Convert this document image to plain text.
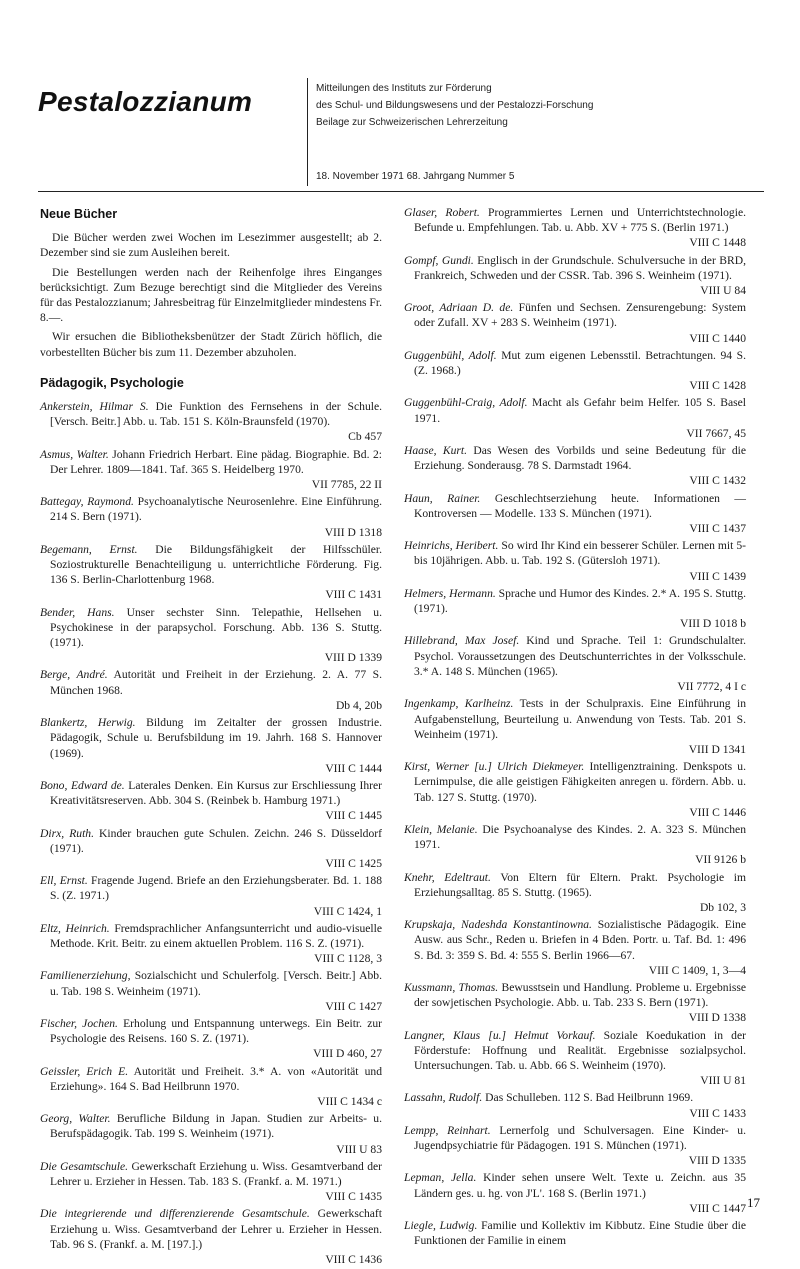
Pestalozzianum	Mitteilungen des Instituts zur Förderung
des Schul- und Bildungswesens und der Pestalozzi-Forschung
Beilage zur Schweizerischen Lehrerzeitung
18. November 1971 68. Jahrgang Nummer 5
Neue Bücher

Die Bücher werden zwei Wochen im Lesezimmer ausgestellt; ab 2. Dezember sind sie zum Ausleihen bereit.

Die Bestellungen werden nach der Reihenfolge ihres Einganges berücksichtigt. Zum Bezuge berechtigt sind die Mitglieder des Vereins für das Pestalozzianum; Jahresbeitrag für Einzelmitglieder mindestens Fr. 8.—.

Wir ersuchen die Bibliotheksbenützer der Stadt Zürich höflich, die vorbestellten Bücher bis zum 11. Dezember abzuholen.

Pädagogik, Psychologie

Ankerstein, Hilmar S. Die Funktion des Fernsehens in der Schule. [Versch. Beitr.] Abb. u. Tab. 151 S. Köln-Braunsfeld (1970).
Cb 457

Asmus, Walter. Johann Friedrich Herbart. Eine pädag. Biographie. Bd. 2: Der Lehrer. 1809—1841. Taf. 365 S. Heidelberg 1970.
VII 7785, 22 II

Battegay, Raymond. Psychoanalytische Neurosenlehre. Eine Einführung. 214 S. Bern (1971).
VIII D 1318

Begemann, Ernst. Die Bildungsfähigkeit der Hilfsschüler. Soziostrukturelle Benachteiligung u. unterrichtliche Förderung. Fig. 136 S. Berlin-Charlottenburg 1968.
VIII C 1431

Bender, Hans. Unser sechster Sinn. Telepathie, Hellsehen u. Psychokinese in der parapsychol. Forschung. Abb. 136 S. Stuttg. (1971).
VIII D 1339

Berge, André. Autorität und Freiheit in der Erziehung. 2. A. 77 S. München 1968.
Db 4, 20b

Blankertz, Herwig. Bildung im Zeitalter der grossen Industrie. Pädagogik, Schule u. Berufsbildung im 19. Jahrh. 168 S. Hannover (1969).
VIII C 1444

Bono, Edward de. Laterales Denken. Ein Kursus zur Erschliessung Ihrer Kreativitätsreserven. Abb. 304 S. (Reinbek b. Hamburg 1971.)
VIII C 1445

Dirx, Ruth. Kinder brauchen gute Schulen. Zeichn. 246 S. Düsseldorf (1971).
VIII C 1425

Ell, Ernst. Fragende Jugend. Briefe an den Erziehungsberater. Bd. 1. 188 S. (Z. 1971.)
VIII C 1424, 1

Eltz, Heinrich. Fremdsprachlicher Anfangsunterricht und audio-visuelle Methode. Krit. Beitr. zu einem aktuellen Problem. 116 S. Z. (1971).
VIII C 1128, 3

Familienerziehung, Sozialschicht und Schulerfolg. [Versch. Beitr.] Abb. u. Tab. 198 S. Weinheim (1971).
VIII C 1427

Fischer, Jochen. Erholung und Entspannung unterwegs. Ein Beitr. zur Psychologie des Reisens. 160 S. Z. (1971).
VIII D 460, 27

Geissler, Erich E. Autorität und Freiheit. 3.* A. von «Autorität und Erziehung». 164 S. Bad Heilbrunn 1970.
VIII C 1434 c

Georg, Walter. Berufliche Bildung in Japan. Studien zur Arbeits- u. Berufspädagogik. Tab. 199 S. Weinheim (1971).
VIII U 83

Die Gesamtschule. Gewerkschaft Erziehung u. Wiss. Gesamtverband der Lehrer u. Erzieher in Hessen. Tab. 183 S. (Frankf. a. M. 1971.)
VIII C 1435

Die integrierende und differenzierende Gesamtschule. Gewerkschaft Erziehung u. Wiss. Gesamtverband der Lehrer u. Erzieher in Hessen. Tab. 96 S. (Frankf. a. M. [197.].)
VIII C 1436

Glaser, Robert. Programmiertes Lernen und Unterrichtstechnologie. Befunde u. Empfehlungen. Tab. u. Abb. XV + 775 S. (Berlin 1971.)
VIII C 1448

Gompf, Gundi. Englisch in der Grundschule. Schulversuche in der BRD, Frankreich, Schweden und der CSSR. Tab. 396 S. Weinheim (1971).
VIII U 84

Groot, Adriaan D. de. Fünfen und Sechsen. Zensurengebung: System oder Zufall. XV + 283 S. Weinheim (1971).
VIII C 1440

Guggenbühl, Adolf. Mut zum eigenen Lebensstil. Betrachtungen. 94 S. (Z. 1968.)
VIII C 1428

Guggenbühl-Craig, Adolf. Macht als Gefahr beim Helfer. 105 S. Basel 1971.
VII 7667, 45

Haase, Kurt. Das Wesen des Vorbilds und seine Bedeutung für die Erziehung. Sonderausg. 78 S. Darmstadt 1964.
VIII C 1432

Haun, Rainer. Geschlechtserziehung heute. Informationen — Kontroversen — Modelle. 133 S. München (1971).
VIII C 1437

Heinrichs, Heribert. So wird Ihr Kind ein besserer Schüler. Lernen mit 5- bis 10jährigen. Abb. u. Tab. 192 S. (Gütersloh 1971).
VIII C 1439

Helmers, Hermann. Sprache und Humor des Kindes. 2.* A. 195 S. Stuttg. (1971).
VIII D 1018 b

Hillebrand, Max Josef. Kind und Sprache. Teil 1: Grundschulalter. Psychol. Voraussetzungen des Deutschunterrichtes in der Volksschule. 3.* A. 148 S. München (1965).
VII 7772, 4 I c

Ingenkamp, Karlheinz. Tests in der Schulpraxis. Eine Einführung in Aufgabenstellung, Beurteilung u. Anwendung von Tests. Tab. 201 S. Weinheim (1971).
VIII D 1341

Kirst, Werner [u.] Ulrich Diekmeyer. Intelligenztraining. Denkspots u. Lernimpulse, die alle geistigen Fähigkeiten anregen u. fördern. Abb. u. Tab. 127 S. Stuttg. (1970).
VIII C 1446

Klein, Melanie. Die Psychoanalyse des Kindes. 2. A. 323 S. München 1971.
VII 9126 b

Knehr, Edeltraut. Von Eltern für Eltern. Prakt. Psychologie im Erziehungsalltag. 85 S. Stuttg. (1965).
Db 102, 3

Krupskaja, Nadeshda Konstantinowna. Sozialistische Pädagogik. Eine Ausw. aus Schr., Reden u. Briefen in 4 Bden. Portr. u. Taf. Bd. 1: 496 S. Bd. 3: 359 S. Bd. 4: 555 S. Berlin 1966—67.
VIII C 1409, 1, 3—4

Kussmann, Thomas. Bewusstsein und Handlung. Probleme u. Ergebnisse der sowjetischen Psychologie. Abb. u. Tab. 233 S. Bern (1971).
VIII D 1338

Langner, Klaus [u.] Helmut Vorkauf. Soziale Koedukation in der Förderstufe: Hoffnung und Realität. Ergebnisse sozialpsychol. Untersuchungen. Tab. u. Abb. 66 S. Weinheim (1970).
VIII U 81

Lassahn, Rudolf. Das Schulleben. 112 S. Bad Heilbrunn 1969.
VIII C 1433

Lempp, Reinhart. Lernerfolg und Schulversagen. Eine Kinder- u. Jugendpsychiatrie für Pädagogen. 191 S. München (1971).
VIII D 1335

Lepman, Jella. Kinder sehen unsere Welt. Texte u. Zeichn. aus 35 Ländern ges. u. hg. von J'L'. 168 S. (Berlin 1971.)
VIII C 1447

Liegle, Ludwig. Familie und Kollektiv im Kibbutz. Eine Studie über die Funktionen der Familie in einem

17
